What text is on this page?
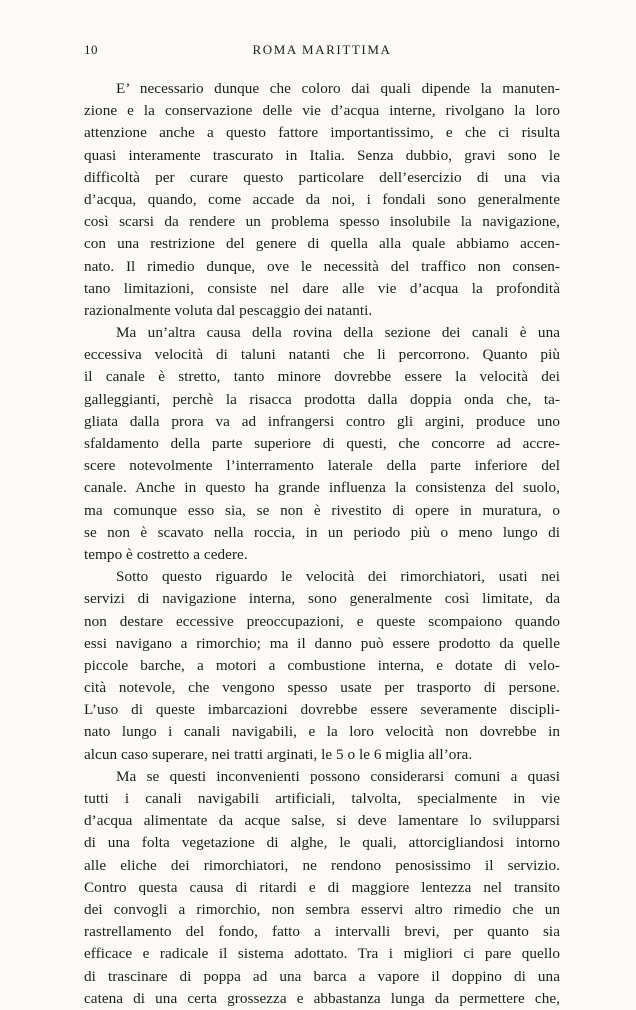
10	ROMA MARITTIMA
E’ necessario dunque che coloro dai quali dipende la manuten-
zione e la conservazione delle vie d’acqua interne, rivolgano la loro
attenzione anche a questo fattore importantissimo, e che ci risulta
quasi interamente trascurato in Italia. Senza dubbio, gravi sono le
difficoltà per curare questo particolare dell’esercizio di una via
d’acqua, quando, come accade da noi, i fondali sono generalmente
così scarsi da rendere un problema spesso insolubile la navigazione,
con una restrizione del genere di quella alla quale abbiamo accen-
nato. Il rimedio dunque, ove le necessità del traffico non consen-
tano limitazioni, consiste nel dare alle vie d’acqua la profondità
razionalmente voluta dal pescaggio dei natanti.
Ma un’altra causa della rovina della sezione dei canali è una
eccessiva velocità di taluni natanti che li percorrono. Quanto più
il canale è stretto, tanto minore dovrebbe essere la velocità dei
galleggianti, perchè la risacca prodotta dalla doppia onda che, ta-
gliata dalla prora va ad infrangersi contro gli argini, produce uno
sfaldamento della parte superiore di questi, che concorre ad accre-
scere notevolmente l’interramento laterale della parte inferiore del
canale. Anche in questo ha grande influenza la consistenza del suolo,
ma comunque esso sia, se non è rivestito di opere in muratura, o
se non è scavato nella roccia, in un periodo più o meno lungo di
tempo è costretto a cedere.
Sotto questo riguardo le velocità dei rimorchiatori, usati nei
servizi di navigazione interna, sono generalmente così limitate, da
non destare eccessive preoccupazioni, e queste scompaiono quando
essi navigano a rimorchio; ma il danno può essere prodotto da quelle
piccole barche, a motori a combustione interna, e dotate di velo-
cità notevole, che vengono spesso usate per trasporto di persone.
L’uso di queste imbarcazioni dovrebbe essere severamente discipli-
nato lungo i canali navigabili, e la loro velocità non dovrebbe in
alcun caso superare, nei tratti arginati, le 5 o le 6 miglia all’ora.
Ma se questi inconvenienti possono considerarsi comuni a quasi
tutti i canali navigabili artificiali, talvolta, specialmente in vie
d’acqua alimentate da acque salse, si deve lamentare lo svilupparsi
di una folta vegetazione di alghe, le quali, attorcigliandosi intorno
alle eliche dei rimorchiatori, ne rendono penosissimo il servizio.
Contro questa causa di ritardi e di maggiore lentezza nel transito
dei convogli a rimorchio, non sembra esservi altro rimedio che un
rastrellamento del fondo, fatto a intervalli brevi, per quanto sia
efficace e radicale il sistema adottato. Tra i migliori ci pare quello
di trascinare di poppa ad una barca a vapore il doppino di una
catena di una certa grossezza e abbastanza lunga da permettere che,
